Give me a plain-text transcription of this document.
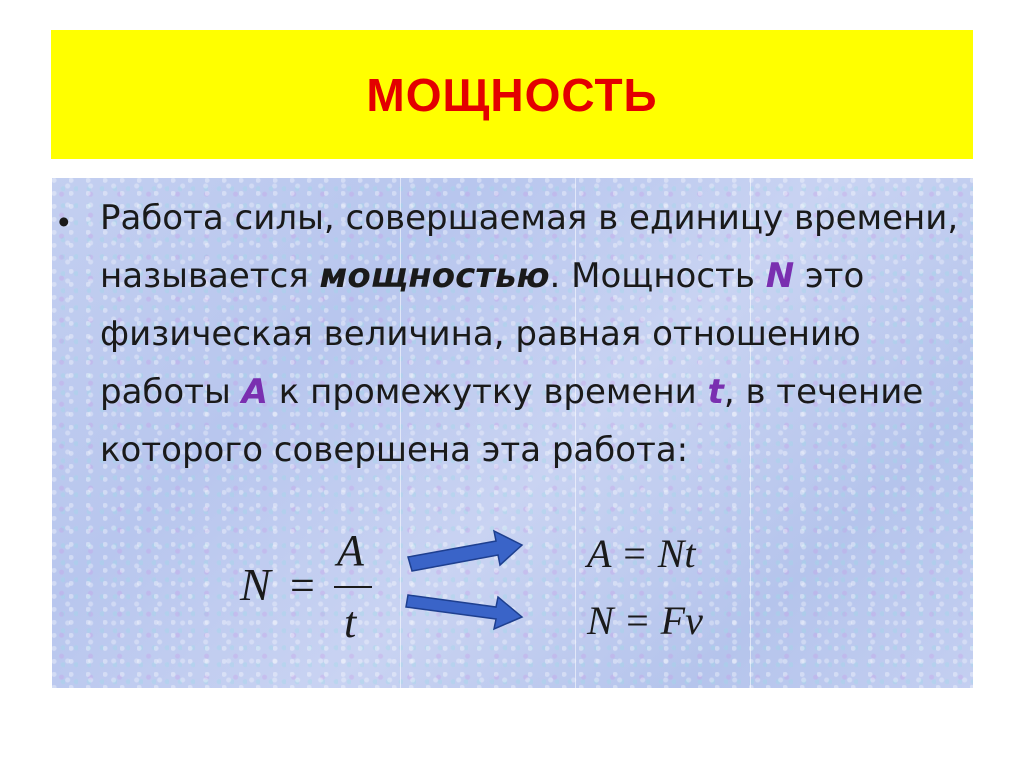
МОЩНОСТЬ
• Работа силы, совершаемая в единицу времени, называется мощностью. Мощность N это физическая величина, равная отношению работы A к промежутку времени t, в течение которого совершена эта работа:
N =
A
t
A = Nt
N = Fv
